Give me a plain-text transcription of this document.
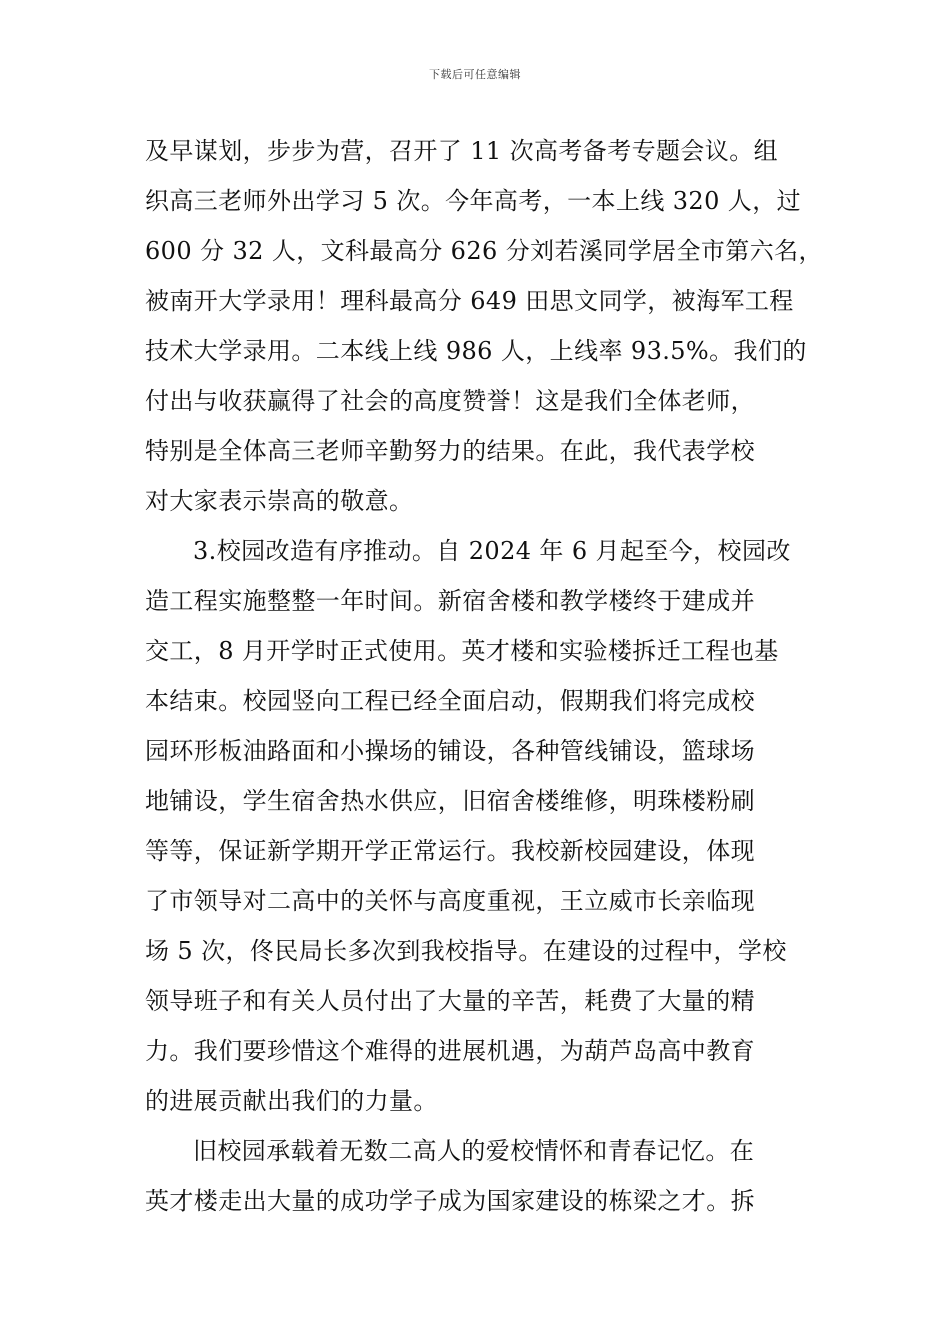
下载后可任意编辑
及早谋划，步步为营，召开了 11 次高考备考专题会议。组
织高三老师外出学习 5 次。今年高考，一本上线 320 人，过
600 分 32 人，文科最高分 626 分刘若溪同学居全市第六名，
被南开大学录用！理科最高分 649 田思文同学，被海军工程
技术大学录用。二本线上线 986 人，上线率 93.5%。我们的
付出与收获赢得了社会的高度赞誉！这是我们全体老师，
特别是全体高三老师辛勤努力的结果。在此，我代表学校
对大家表示崇高的敬意。
3.校园改造有序推动。自 2024 年 6 月起至今，校园改
造工程实施整整一年时间。新宿舍楼和教学楼终于建成并
交工，8 月开学时正式使用。英才楼和实验楼拆迁工程也基
本结束。校园竖向工程已经全面启动，假期我们将完成校
园环形板油路面和小操场的铺设，各种管线铺设，篮球场
地铺设，学生宿舍热水供应，旧宿舍楼维修，明珠楼粉刷
等等，保证新学期开学正常运行。我校新校园建设，体现
了市领导对二高中的关怀与高度重视，王立威市长亲临现
场 5 次，佟民局长多次到我校指导。在建设的过程中，学校
领导班子和有关人员付出了大量的辛苦，耗费了大量的精
力。我们要珍惜这个难得的进展机遇，为葫芦岛高中教育
的进展贡献出我们的力量。
旧校园承载着无数二高人的爱校情怀和青春记忆。在
英才楼走出大量的成功学子成为国家建设的栋梁之才。拆
